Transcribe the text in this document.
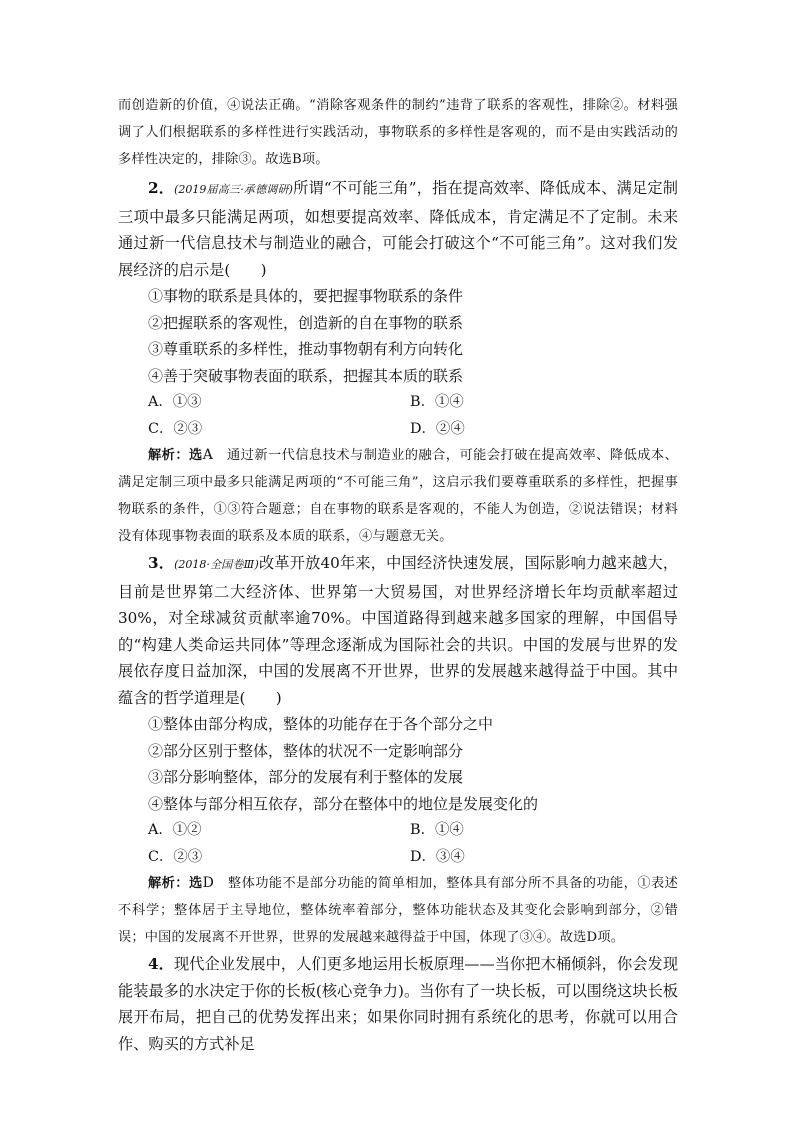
而创造新的价值，④说法正确。“消除客观条件的制约”违背了联系的客观性，排除②。材料强调了人们根据联系的多样性进行实践活动，事物联系的多样性是客观的，而不是由实践活动的多样性决定的，排除③。故选B项。

2．(2019届高三·承德调研)所谓“不可能三角”，指在提高效率、降低成本、满足定制三项中最多只能满足两项，如想要提高效率、降低成本，肯定满足不了定制。未来通过新一代信息技术与制造业的融合，可能会打破这个“不可能三角”。这对我们发展经济的启示是(　　)

①事物的联系是具体的，要把握事物联系的条件

②把握联系的客观性，创造新的自在事物的联系

③尊重联系的多样性，推动事物朝有利方向转化

④善于突破事物表面的联系，把握其本质的联系

A．①③	B．①④
C．②③	D．②④

解析：选A　通过新一代信息技术与制造业的融合，可能会打破在提高效率、降低成本、满足定制三项中最多只能满足两项的“不可能三角”，这启示我们要尊重联系的多样性，把握事物联系的条件，①③符合题意；自在事物的联系是客观的，不能人为创造，②说法错误；材料没有体现事物表面的联系及本质的联系，④与题意无关。

3．(2018·全国卷Ⅲ)改革开放40年来，中国经济快速发展，国际影响力越来越大，目前是世界第二大经济体、世界第一大贸易国，对世界经济增长年均贡献率超过30%，对全球减贫贡献率逾70%。中国道路得到越来越多国家的理解，中国倡导的“构建人类命运共同体”等理念逐渐成为国际社会的共识。中国的发展与世界的发展依存度日益加深，中国的发展离不开世界，世界的发展越来越得益于中国。其中蕴含的哲学道理是(　　)

①整体由部分构成，整体的功能存在于各个部分之中

②部分区别于整体，整体的状况不一定影响部分

③部分影响整体，部分的发展有利于整体的发展

④整体与部分相互依存，部分在整体中的地位是发展变化的

A．①②	B．①④
C．②③	D．③④

解析：选D　整体功能不是部分功能的简单相加，整体具有部分所不具备的功能，①表述不科学；整体居于主导地位，整体统率着部分，整体功能状态及其变化会影响到部分，②错误；中国的发展离不开世界，世界的发展越来越得益于中国，体现了③④。故选D项。

4．现代企业发展中，人们更多地运用长板原理——当你把木桶倾斜，你会发现能装最多的水决定于你的长板(核心竞争力)。当你有了一块长板，可以围绕这块长板展开布局，把自己的优势发挥出来；如果你同时拥有系统化的思考，你就可以用合作、购买的方式补足
